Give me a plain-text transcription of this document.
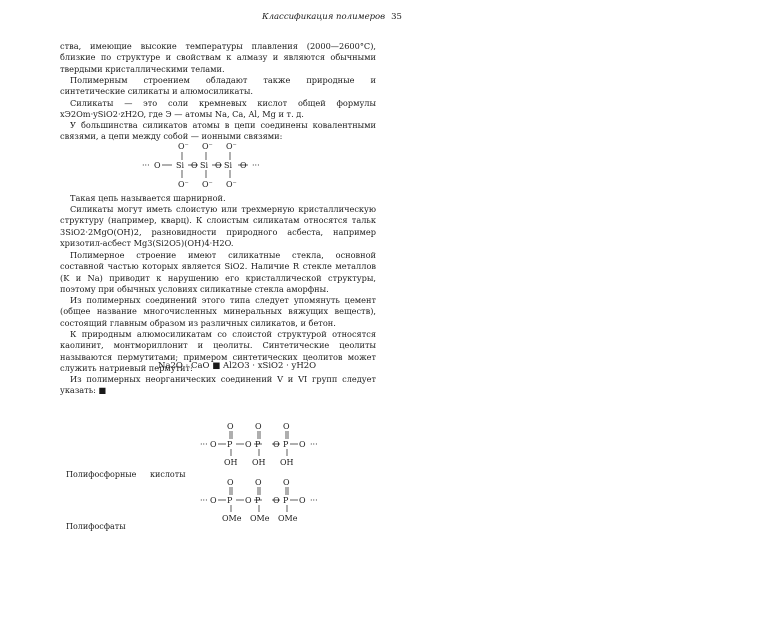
Классификация полимеров 35

ства, имеющие высокие температуры плавления (2000—2600°С), близкие по структуре и свойствам к алмазу и являются обычными твердыми кристаллическими телами.

Полимерным строением обладают также природные и синтетические силикаты и алюмосиликаты.

Силикаты — это соли кремневых кислот общей формулы xЭ2Om·ySiO2·zH2O, где Э — атомы Na, Ca, Al, Mg и т. д.

У большинства силикатов атомы в цепи соединены ковалентными связями, а цепи между собой — ионными связями:

··· O Si O Si O Si O ···
O⁻ O⁻ O⁻
O⁻ O⁻ O⁻

Такая цепь называется шарнирной.

Силикаты могут иметь слоистую или трехмерную кристаллическую структуру (например, кварц). К слоистым силикатам относятся тальк 3SiO2·2MgO(OH)2, разновидности природного асбеста, например хризотил-асбест Mg3(Si2O5)(OH)4·H2O.

Полимерное строение имеют силикатные стекла, основной составной частью которых является SiO2. Наличие R стекле металлов (K и Na) приводит к нарушению его кристаллической структуры, поэтому при обычных условиях силикатные стекла аморфны.

Из полимерных соединений этого типа следует упомянуть цемент (общее название многочисленных минеральных вяжущих веществ), состоящий главным образом из различных силикатов, и бетон.

К природным алюмосиликатам со слоистой структурой относятся каолинит, монтмориллонит и цеолиты. Синтетические цеолиты называются пермутитами; примером синтетических цеолитов может служить натриевый пермутит:

Na2O · CaO ■ Al2O3 · xSiO2 · yH2O

Из полимерных неорганических соединений V и VI групп следует указать: ■

··· O P O P O P O ···
O	O	O
OH OH OH
Полифосфорные кислоты
··· O P O P O P O ···
O	O	O
OMe OMe OMe
Полифосфаты
